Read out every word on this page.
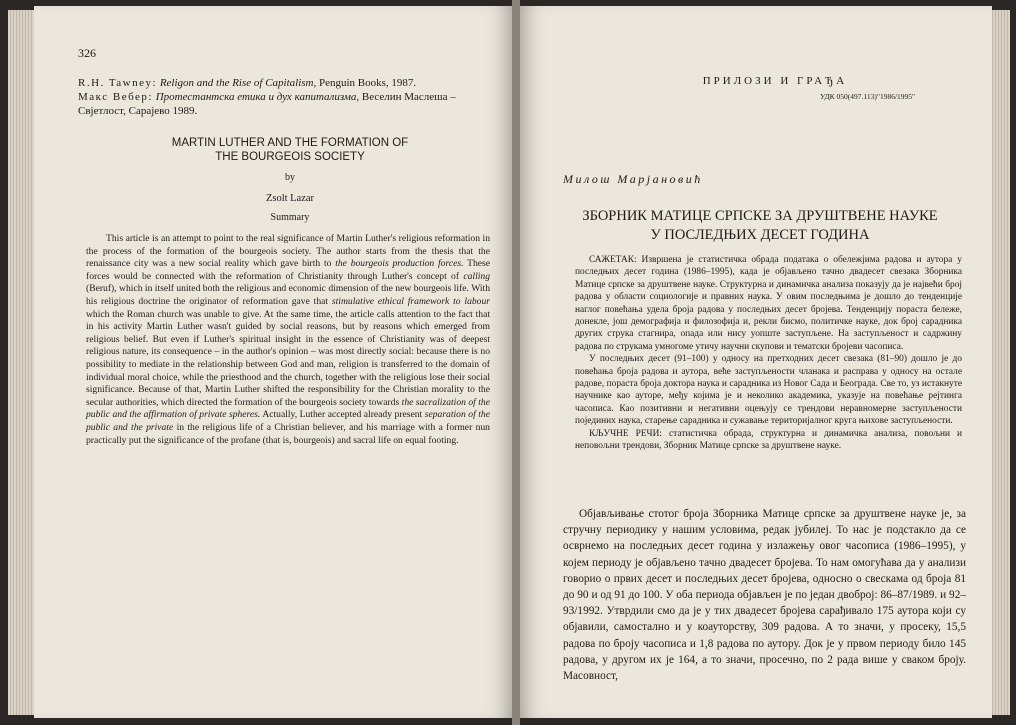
326

R.H. Tawney: Religon and the Rise of Capitalism, Penguin Books, 1987.

Макс Вебер: Протестантска етика и дух капитализма, Веселин Маслеша – Свјетлост, Сарајево 1989.

MARTIN LUTHER AND THE FORMATION OF
THE BOURGEOIS SOCIETY
by
Zsolt Lazar
Summary

This article is an attempt to point to the real significance of Martin Luther's religious reformation in the process of the formation of the bourgeois society. The author starts from the thesis that the renaissance city was a new social reality which gave birth to the bourgeois production forces. These forces would be connected with the reformation of Christianity through Luther's concept of calling (Beruf), which in itself united both the religious and economic dimension of the new bourgeois life. With his religious doctrine the originator of reformation gave that stimulative ethical framework to labour which the Roman church was unable to give. At the same time, the article calls attention to the fact that in his activity Martin Luther wasn't guided by social reasons, but by reasons which emerged from religious belief. But even if Luther's spiritual insight in the essence of Christianity was of deepest religious nature, its consequence – in the author's opinion – was most directly social: because there is no possibility to mediate in the relationship between God and man, religion is transferred to the domain of individual moral choice, while the priesthood and the church, together with the religious lose their social significance. Because of that, Martin Luther shifted the responsibility for the Christian morality to the secular authorities, which directed the formation of the bourgeois society towards the sacralization of the public and the affirmation of private spheres. Actually, Luther accepted already present separation of the public and the private in the religious life of a Christian believer, and his marriage with a former nun practically put the significance of the profane (that is, bourgeois) and sacral life on equal footing.

ПРИЛОЗИ И ГРАЂА
УДК 050(497.113)"1986/1995"
Милош Марјановић
ЗБОРНИК МАТИЦЕ СРПСКЕ ЗА ДРУШТВЕНЕ НАУКЕ
У ПОСЛЕДЊИХ ДЕСЕТ ГОДИНА

САЖЕТАК: Извршена је статистичка обрада података о обележјима радова и аутора у последњих десет година (1986–1995), када је објављено тачно двадесет свезака Зборника Матице српске за друштвене науке. Структурна и динамичка анализа показују да је највећи број радова у области социологије и правних наука. У овим последњима је дошло до тенденције наглог повећања удела броја радова у последњих десет бројева. Тенденцију пораста бележе, донекле, још демографија и филозофија и, рекли бисмо, политичке науке, док број сарадника других струка стагнира, опада или нису уопште заступљене. На заступљеност и садржину радова по струкама умногоме утичу научни скупови и тематски бројеви часописа.

У последњих десет (91–100) у односу на претходних десет свезака (81–90) дошло је до повећања броја радова и аутора, веће заступљености чланака и расправа у односу на остале радове, пораста броја доктора наука и сарадника из Новог Сада и Београда. Све то, уз истакнуте научнике као ауторе, међу којима је и неколико академика, указује на повећање рејтинга часописа. Као позитивни и негативни оцењују се трендови неравномерне заступљености појединих наука, старење сарадника и сужавање територијалног круга њихове заступљености.

КЉУЧНЕ РЕЧИ: статистичка обрада, структурна и динамичка анализа, повољни и неповољни трендови, Зборник Матице српске за друштвене науке.

Објављивање стотог броја Зборника Матице српске за друштвене науке је, за стручну периодику у нашим условима, редак јубилеј. То нас је подстакло да се осврнемо на последњих десет година у излажењу овог часописа (1986–1995), у којем периоду је објављено тачно двадесет бројева. То нам омогућава да у анализи говорио о првих десет и последњих десет бројева, односно о свескама од броја 81 до 90 и од 91 до 100. У оба периода објављен је по један двоброј: 86–87/1989. и 92–93/1992. Утврдили смо да је у тих двадесет бројева сарађивало 175 аутора који су објавили, самостално и у коауторству, 309 радова. А то значи, у просеку, 15,5 радова по броју часописа и 1,8 радова по аутору. Док је у првом периоду било 145 радова, у другом их је 164, а то значи, просечно, по 2 рада више у сваком броју. Масовност,
